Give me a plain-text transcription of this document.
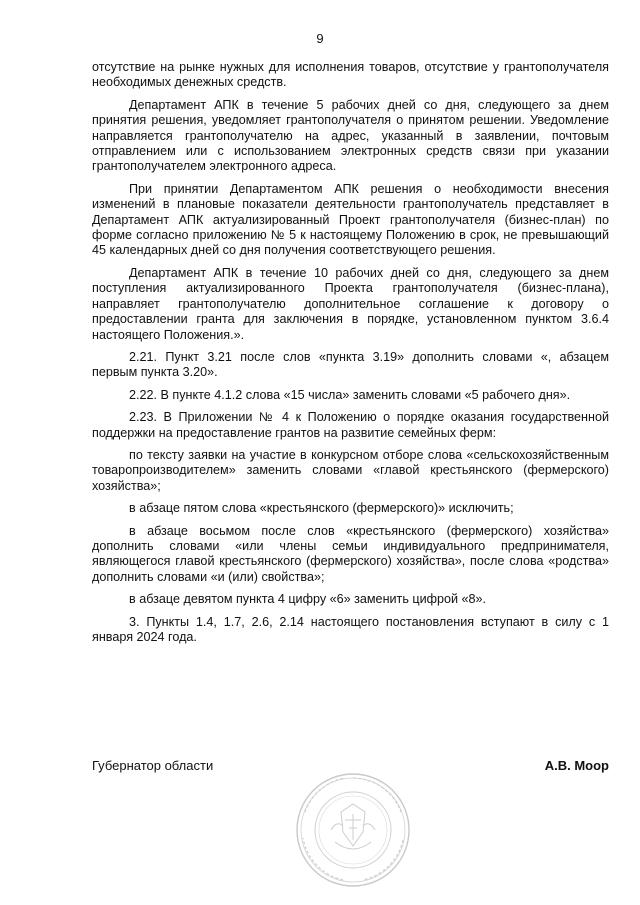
9

отсутствие на рынке нужных для исполнения товаров, отсутствие у грантополучателя необходимых денежных средств.

Департамент АПК в течение 5 рабочих дней со дня, следующего за днем принятия решения, уведомляет грантополучателя о принятом решении. Уведомление направляется грантополучателю на адрес, указанный в заявлении, почтовым отправлением или с использованием электронных средств связи при указании грантополучателем электронного адреса.

При принятии Департаментом АПК решения о необходимости внесения изменений в плановые показатели деятельности грантополучатель представляет в Департамент АПК актуализированный Проект грантополучателя (бизнес-план) по форме согласно приложению № 5 к настоящему Положению в срок, не превышающий 45 календарных дней со дня получения соответствующего решения.

Департамент АПК в течение 10 рабочих дней со дня, следующего за днем поступления актуализированного Проекта грантополучателя (бизнес-плана), направляет грантополучателю дополнительное соглашение к договору о предоставлении гранта для заключения в порядке, установленном пунктом 3.6.4 настоящего Положения.».

2.21. Пункт 3.21 после слов «пункта 3.19» дополнить словами «, абзацем первым пункта 3.20».

2.22. В пункте 4.1.2 слова «15 числа» заменить словами «5 рабочего дня».

2.23. В Приложении № 4 к Положению о порядке оказания государственной поддержки на предоставление грантов на развитие семейных ферм:

по тексту заявки на участие в конкурсном отборе слова «сельскохозяйственным товаропроизводителем» заменить словами «главой крестьянского (фермерского) хозяйства»;

в абзаце пятом слова «крестьянского (фермерского)» исключить;

в абзаце восьмом после слов «крестьянского (фермерского) хозяйства» дополнить словами «или члены семьи индивидуального предпринимателя, являющегося главой крестьянского (фермерского) хозяйства», после слова «родства» дополнить словами «и (или) свойства»;

в абзаце девятом пункта 4 цифру «6» заменить цифрой «8».

3. Пункты 1.4, 1.7, 2.6, 2.14 настоящего постановления вступают в силу с 1 января 2024 года.

Губернатор области	А.В. Моор
